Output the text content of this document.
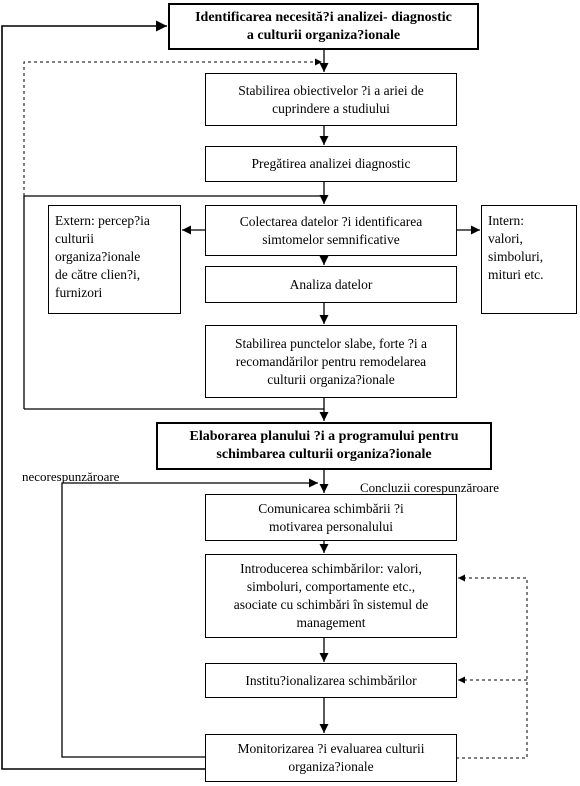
Identificarea necesită?i analizei- diagnostic
a culturii organiza?ionale
Stabilirea obiectivelor ?i a ariei de
cuprindere a studiului
Pregătirea analizei diagnostic
Colectarea datelor ?i identificarea
simtomelor semnificative
Extern: percep?ia
culturii
organiza?ionale
de către clien?i,
furnizori
Intern:
valori,
simboluri,
mituri etc.
Analiza datelor
Stabilirea punctelor slabe, forte ?i a
recomandărilor pentru remodelarea
culturii organiza?ionale
Elaborarea planului ?i a programului pentru
schimbarea culturii organiza?ionale
Comunicarea schimbării ?i
motivarea personalului
Introducerea schimbărilor: valori,
simboluri, comportamente etc.,
asociate cu schimbări în sistemul de
management
Institu?ionalizarea schimbărilor
Monitorizarea ?i evaluarea culturii
organiza?ionale
necorespunzăroare
Concluzii corespunzăroare
